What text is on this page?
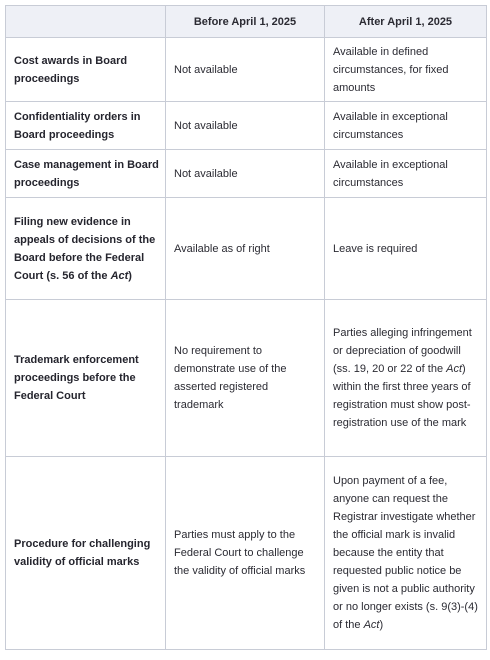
	Before April 1, 2025	After April 1, 2025
Cost awards in Board proceedings	Not available	Available in defined circumstances, for fixed amounts
Confidentiality orders in Board proceedings	Not available	Available in exceptional circumstances
Case management in Board proceedings	Not available	Available in exceptional circumstances
Filing new evidence in appeals of decisions of the Board before the Federal Court (s. 56 of the Act)	Available as of right	Leave is required
Trademark enforcement proceedings before the Federal Court	No requirement to demonstrate use of the asserted registered trademark	Parties alleging infringement or depreciation of goodwill (ss. 19, 20 or 22 of the Act) within the first three years of registration must show post-registration use of the mark
Procedure for challenging validity of official marks	Parties must apply to the Federal Court to challenge the validity of official marks	Upon payment of a fee, anyone can request the Registrar investigate whether the official mark is invalid because the entity that requested public notice be given is not a public authority or no longer exists (s. 9(3)-(4) of the Act)
